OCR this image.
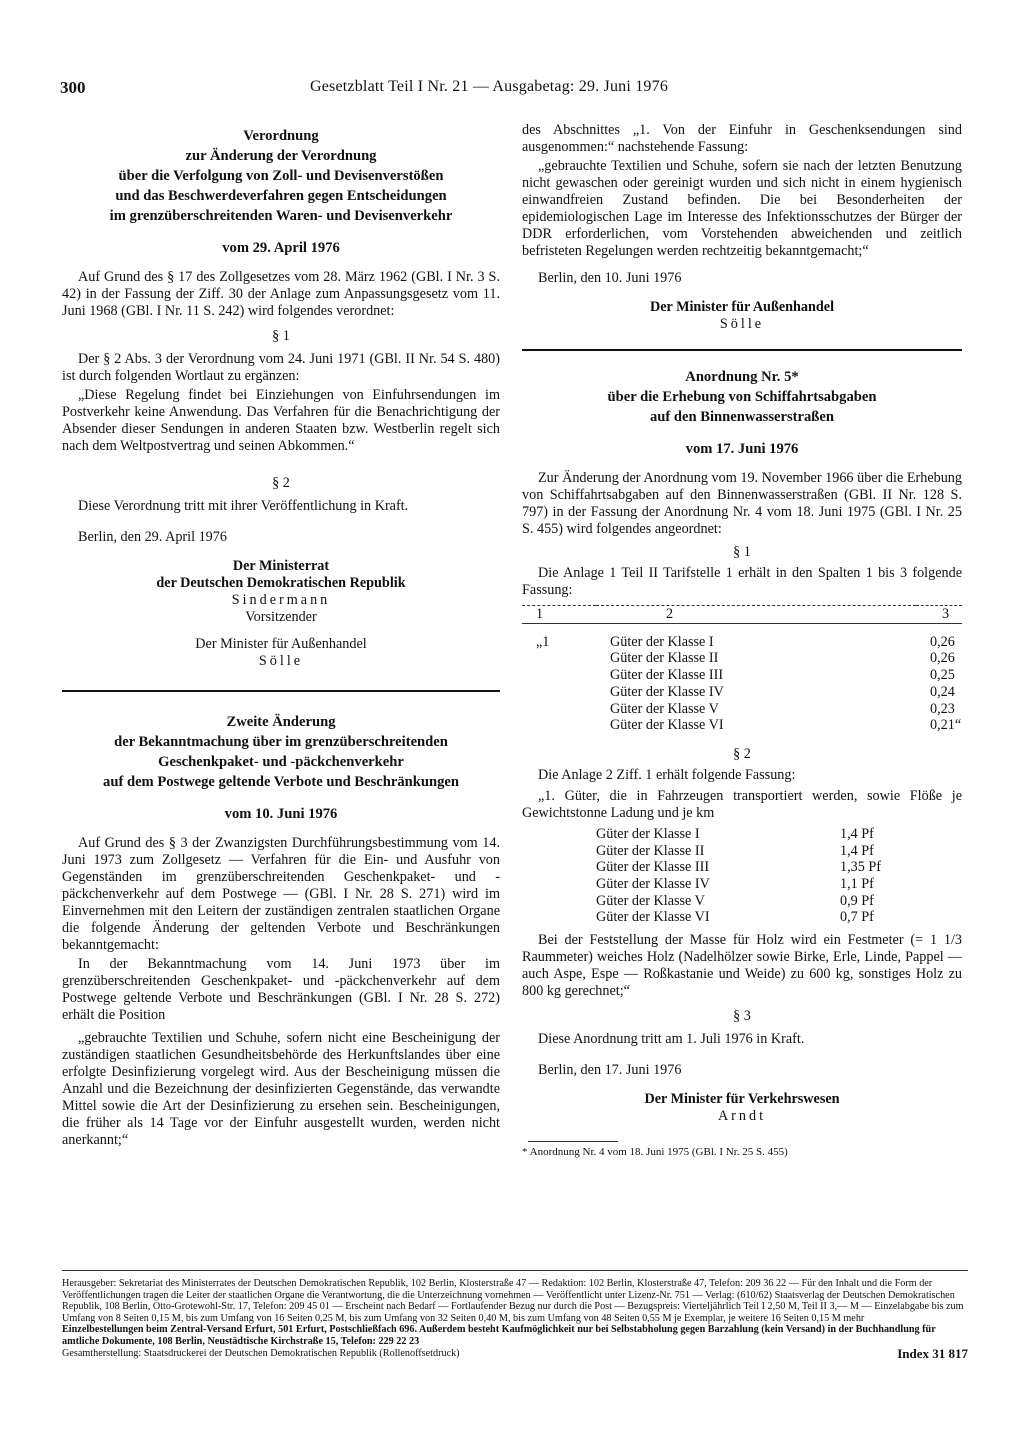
300	Gesetzblatt Teil I Nr. 21 — Ausgabetag: 29. Juni 1976

Verordnung

zur Änderung der Verordnung

über die Verfolgung von Zoll- und Devisenverstößen

und das Beschwerdeverfahren gegen Entscheidungen

im grenzüberschreitenden Waren- und Devisenverkehr

vom 29. April 1976

Auf Grund des § 17 des Zollgesetzes vom 28. März 1962 (GBl. I Nr. 3 S. 42) in der Fassung der Ziff. 30 der Anlage zum Anpassungsgesetz vom 11. Juni 1968 (GBl. I Nr. 11 S. 242) wird folgendes verordnet:

§ 1

Der § 2 Abs. 3 der Verordnung vom 24. Juni 1971 (GBl. II Nr. 54 S. 480) ist durch folgenden Wortlaut zu ergänzen:

„Diese Regelung findet bei Einziehungen von Einfuhrsendungen im Postverkehr keine Anwendung. Das Verfahren für die Benachrichtigung der Absender dieser Sendungen in anderen Staaten bzw. Westberlin regelt sich nach dem Weltpostvertrag und seinen Abkommen.“

§ 2

Diese Verordnung tritt mit ihrer Veröffentlichung in Kraft.

Berlin, den 29. April 1976

Der Ministerrat

der Deutschen Demokratischen Republik

Sindermann

Vorsitzender

Der Minister für Außenhandel

Sölle

Zweite Änderung

der Bekanntmachung über im grenzüberschreitenden

Geschenkpaket- und -päckchenverkehr

auf dem Postwege geltende Verbote und Beschränkungen

vom 10. Juni 1976

Auf Grund des § 3 der Zwanzigsten Durchführungsbestimmung vom 14. Juni 1973 zum Zollgesetz — Verfahren für die Ein- und Ausfuhr von Gegenständen im grenzüberschreitenden Geschenkpaket- und -päckchenverkehr auf dem Postwege — (GBl. I Nr. 28 S. 271) wird im Einvernehmen mit den Leitern der zuständigen zentralen staatlichen Organe die folgende Änderung der geltenden Verbote und Beschränkungen bekanntgemacht:

In der Bekanntmachung vom 14. Juni 1973 über im grenzüberschreitenden Geschenkpaket- und -päckchenverkehr auf dem Postwege geltende Verbote und Beschränkungen (GBl. I Nr. 28 S. 272) erhält die Position

„gebrauchte Textilien und Schuhe, sofern nicht eine Bescheinigung der zuständigen staatlichen Gesundheitsbehörde des Herkunftslandes über eine erfolgte Desinfizierung vorgelegt wird. Aus der Bescheinigung müssen die Anzahl und die Bezeichnung der desinfizierten Gegenstände, das verwandte Mittel sowie die Art der Desinfizierung zu ersehen sein. Bescheinigungen, die früher als 14 Tage vor der Einfuhr ausgestellt wurden, werden nicht anerkannt;“

des Abschnittes „1. Von der Einfuhr in Geschenksendungen sind ausgenommen:“ nachstehende Fassung:

„gebrauchte Textilien und Schuhe, sofern sie nach der letzten Benutzung nicht gewaschen oder gereinigt wurden und sich nicht in einem hygienisch einwandfreien Zustand befinden. Die bei Besonderheiten der epidemiologischen Lage im Interesse des Infektionsschutzes der Bürger der DDR erforderlichen, vom Vorstehenden abweichenden und zeitlich befristeten Regelungen werden rechtzeitig bekanntgemacht;“

Berlin, den 10. Juni 1976

Der Minister für Außenhandel

Sölle

Anordnung Nr. 5*

über die Erhebung von Schiffahrtsabgaben

auf den Binnenwasserstraßen

vom 17. Juni 1976

Zur Änderung der Anordnung vom 19. November 1966 über die Erhebung von Schiffahrtsabgaben auf den Binnenwasserstraßen (GBl. II Nr. 128 S. 797) in der Fassung der Anordnung Nr. 4 vom 18. Juni 1975 (GBl. I Nr. 25 S. 455) wird folgendes angeordnet:

§ 1

Die Anlage 1 Teil II Tarifstelle 1 erhält in den Spalten 1 bis 3 folgende Fassung:

1	2	3

„1	Güter der Klasse I	0,26
	Güter der Klasse II	0,26
	Güter der Klasse III	0,25
	Güter der Klasse IV	0,24
	Güter der Klasse V	0,23
	Güter der Klasse VI	0,21“

§ 2

Die Anlage 2 Ziff. 1 erhält folgende Fassung:

„1. Güter, die in Fahrzeugen transportiert werden, sowie Flöße je Gewichtstonne Ladung und je km

	Güter der Klasse I	1,4 Pf
	Güter der Klasse II	1,4 Pf
	Güter der Klasse III	1,35 Pf
	Güter der Klasse IV	1,1 Pf
	Güter der Klasse V	0,9 Pf
	Güter der Klasse VI	0,7 Pf

Bei der Feststellung der Masse für Holz wird ein Festmeter (= 1 1/3 Raummeter) weiches Holz (Nadelhölzer sowie Birke, Erle, Linde, Pappel — auch Aspe, Espe — Roßkastanie und Weide) zu 600 kg, sonstiges Holz zu 800 kg gerechnet;“

§ 3

Diese Anordnung tritt am 1. Juli 1976 in Kraft.

Berlin, den 17. Juni 1976

Der Minister für Verkehrswesen

Arndt

* Anordnung Nr. 4 vom 18. Juni 1975 (GBl. I Nr. 25 S. 455)

Herausgeber: Sekretariat des Ministerrates der Deutschen Demokratischen Republik, 102 Berlin, Klosterstraße 47 — Redaktion: 102 Berlin, Klosterstraße 47, Telefon: 209 36 22 — Für den Inhalt und die Form der Veröffentlichungen tragen die Leiter der staatlichen Organe die Verantwortung, die die Unterzeichnung vornehmen — Veröffentlicht unter Lizenz-Nr. 751 — Verlag: (610/62) Staatsverlag der Deutschen Demokratischen Republik, 108 Berlin, Otto-Grotewohl-Str. 17, Telefon: 209 45 01 — Erscheint nach Bedarf — Fortlaufender Bezug nur durch die Post — Bezugspreis: Vierteljährlich Teil I 2,50 M, Teil II 3,— M — Einzelabgabe bis zum Umfang von 8 Seiten 0,15 M, bis zum Umfang von 16 Seiten 0,25 M, bis zum Umfang von 32 Seiten 0,40 M, bis zum Umfang von 48 Seiten 0,55 M je Exemplar, je weitere 16 Seiten 0,15 M mehr

Einzelbestellungen beim Zentral-Versand Erfurt, 501 Erfurt, Postschließfach 696. Außerdem besteht Kaufmöglichkeit nur bei Selbstabholung gegen Barzahlung (kein Versand) in der Buchhandlung für amtliche Dokumente, 108 Berlin, Neustädtische Kirchstraße 15, Telefon: 229 22 23

Gesamtherstellung: Staatsdruckerei der Deutschen Demokratischen Republik (Rollenoffsetdruck)	Index 31 817
